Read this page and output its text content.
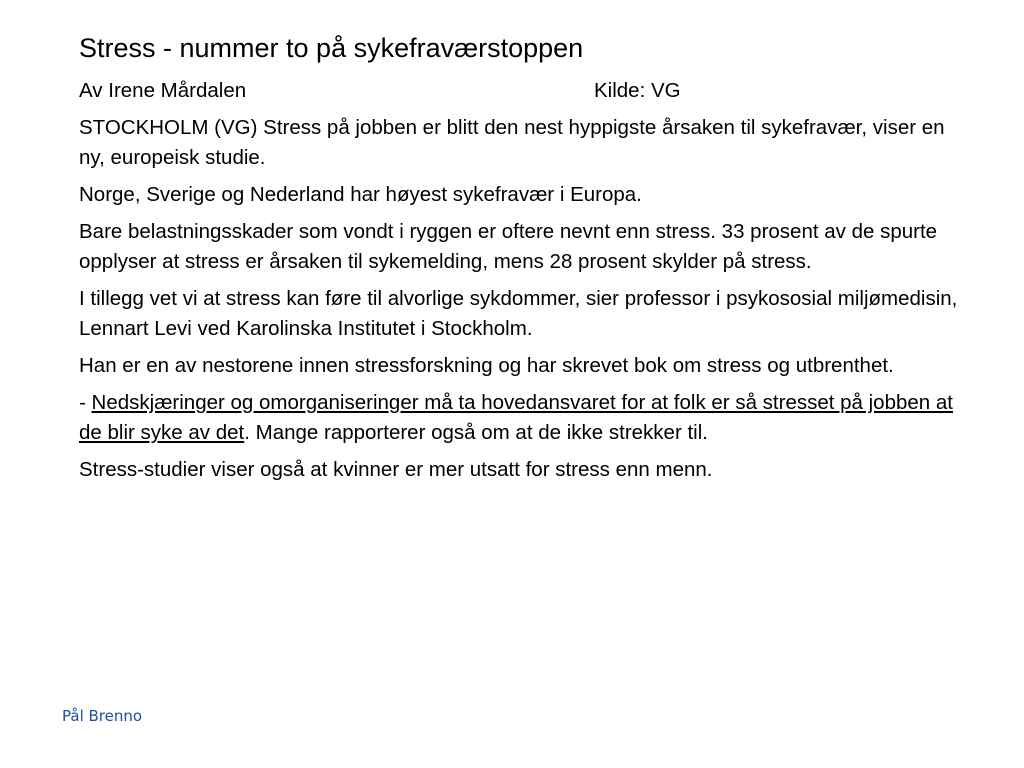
Stress - nummer to på sykefraværstoppen
Av Irene Mårdalen	Kilde: VG

STOCKHOLM (VG) Stress på jobben er blitt den nest hyppigste årsaken til sykefravær, viser en ny, europeisk studie.

Norge, Sverige og Nederland har høyest sykefravær i Europa.

Bare belastningsskader som vondt i ryggen er oftere nevnt enn stress. 33 prosent av de spurte opplyser at stress er årsaken til sykemelding, mens 28 prosent skylder på stress.

I tillegg vet vi at stress kan føre til alvorlige sykdommer, sier professor i psykososial miljømedisin, Lennart Levi ved Karolinska Institutet i Stockholm.

Han er en av nestorene innen stressforskning og har skrevet bok om stress og utbrenthet.

- Nedskjæringer og omorganiseringer må ta hovedansvaret for at folk er så stresset på jobben at de blir syke av det. Mange rapporterer også om at de ikke strekker til.

Stress-studier viser også at kvinner er mer utsatt for stress enn menn.

Pål Brenno
